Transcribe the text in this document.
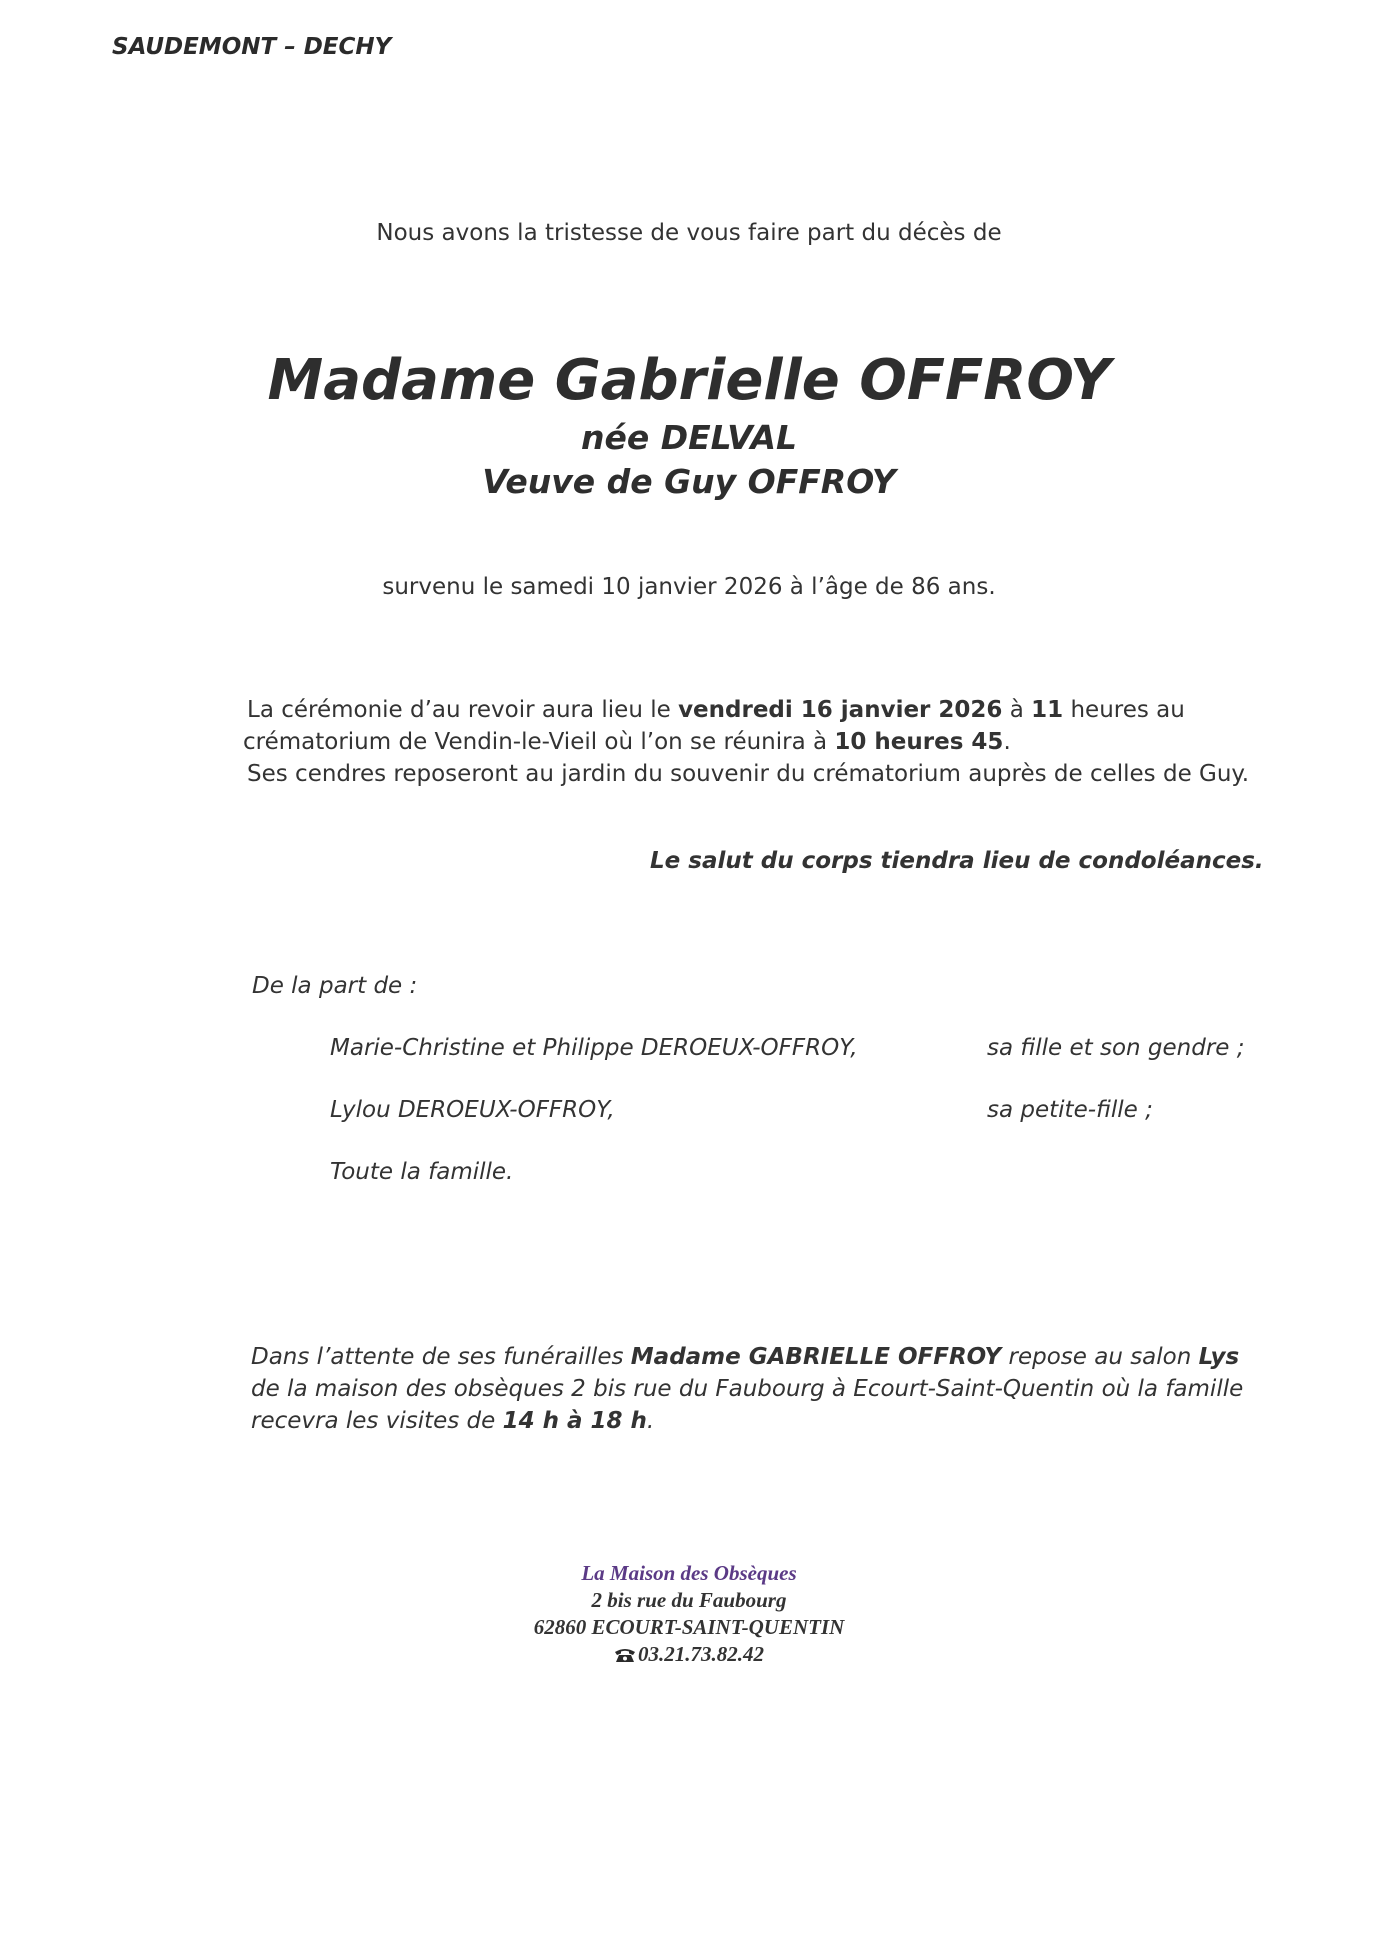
SAUDEMONT – DECHY
Nous avons la tristesse de vous faire part du décès de
Madame Gabrielle OFFROY
née DELVAL
Veuve de Guy OFFROY
survenu le samedi 10 janvier 2026 à l’âge de 86 ans.
La cérémonie d’au revoir aura lieu le vendredi 16 janvier 2026 à 11 heures au
crématorium de Vendin-le-Vieil où l’on se réunira à 10 heures 45.
Ses cendres reposeront au jardin du souvenir du crématorium auprès de celles de Guy.
Le salut du corps tiendra lieu de condoléances.
De la part de :
Marie-Christine et Philippe DEROEUX-OFFROY,	sa fille et son gendre ;
Lylou DEROEUX-OFFROY,	sa petite-fille ;
Toute la famille.
Dans l’attente de ses funérailles Madame GABRIELLE OFFROY repose au salon Lys
de la maison des obsèques 2 bis rue du Faubourg à Ecourt-Saint-Quentin où la famille
recevra les visites de 14 h à 18 h.
La Maison des Obsèques
2 bis rue du Faubourg
62860 ECOURT-SAINT-QUENTIN
03.21.73.82.42
